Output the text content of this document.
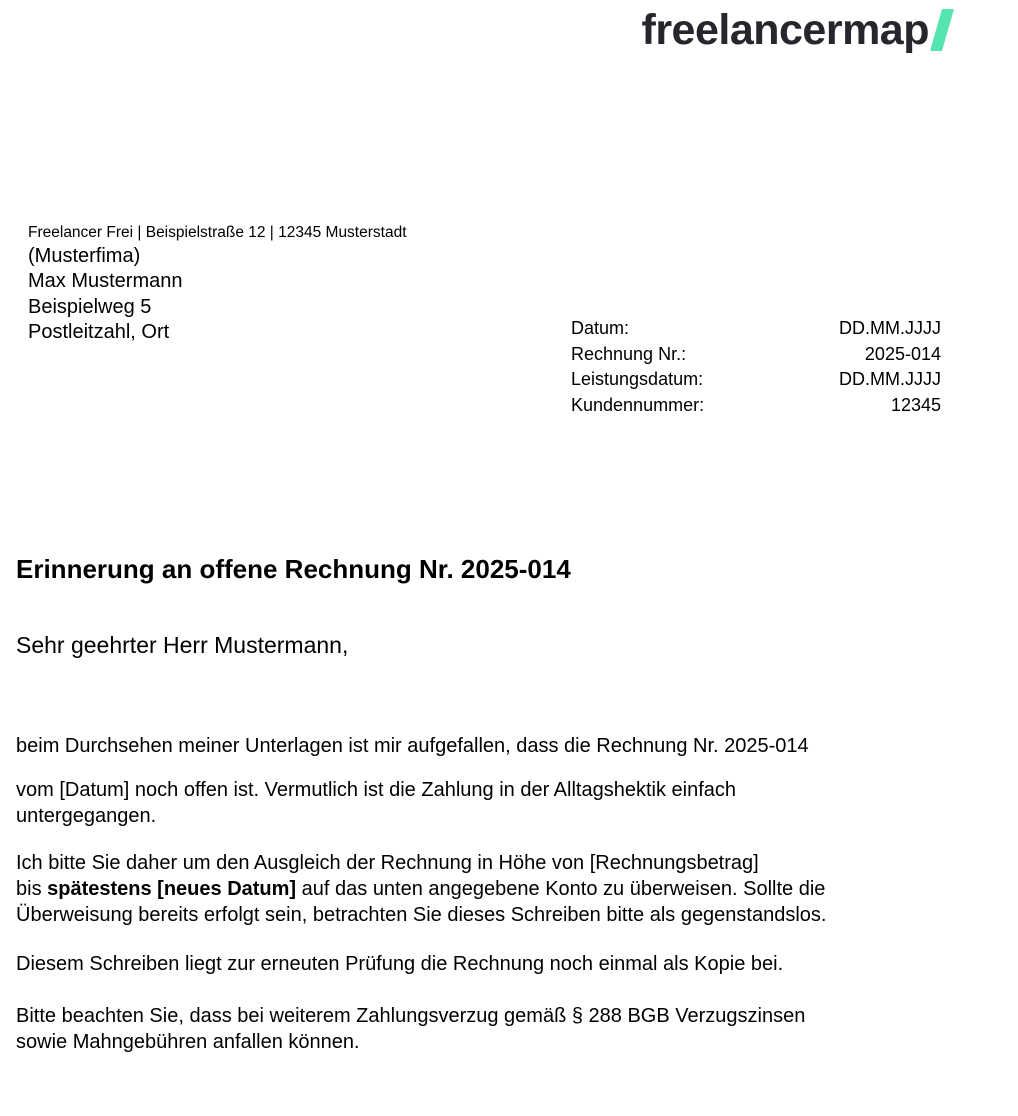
freelancermap
Freelancer Frei | Beispielstraße 12 | 12345 Musterstadt
(Musterfima)
Max Mustermann
Beispielweg 5
Postleitzahl, Ort	Datum:	DD.MM.JJJJ
Rechnung Nr.:	2025-014
Leistungsdatum:	DD.MM.JJJJ
Kundennummer:	12345
Erinnerung an offene Rechnung Nr. 2025-014
Sehr geehrter Herr Mustermann,
beim Durchsehen meiner Unterlagen ist mir aufgefallen, dass die Rechnung Nr. 2025-014
vom [Datum] noch offen ist. Vermutlich ist die Zahlung in der Alltagshektik einfach
untergegangen.
Ich bitte Sie daher um den Ausgleich der Rechnung in Höhe von [Rechnungsbetrag]
bis spätestens [neues Datum] auf das unten angegebene Konto zu überweisen. Sollte die
Überweisung bereits erfolgt sein, betrachten Sie dieses Schreiben bitte als gegenstandslos.
Diesem Schreiben liegt zur erneuten Prüfung die Rechnung noch einmal als Kopie bei.
Bitte beachten Sie, dass bei weiterem Zahlungsverzug gemäß § 288 BGB Verzugszinsen
sowie Mahngebühren anfallen können.
